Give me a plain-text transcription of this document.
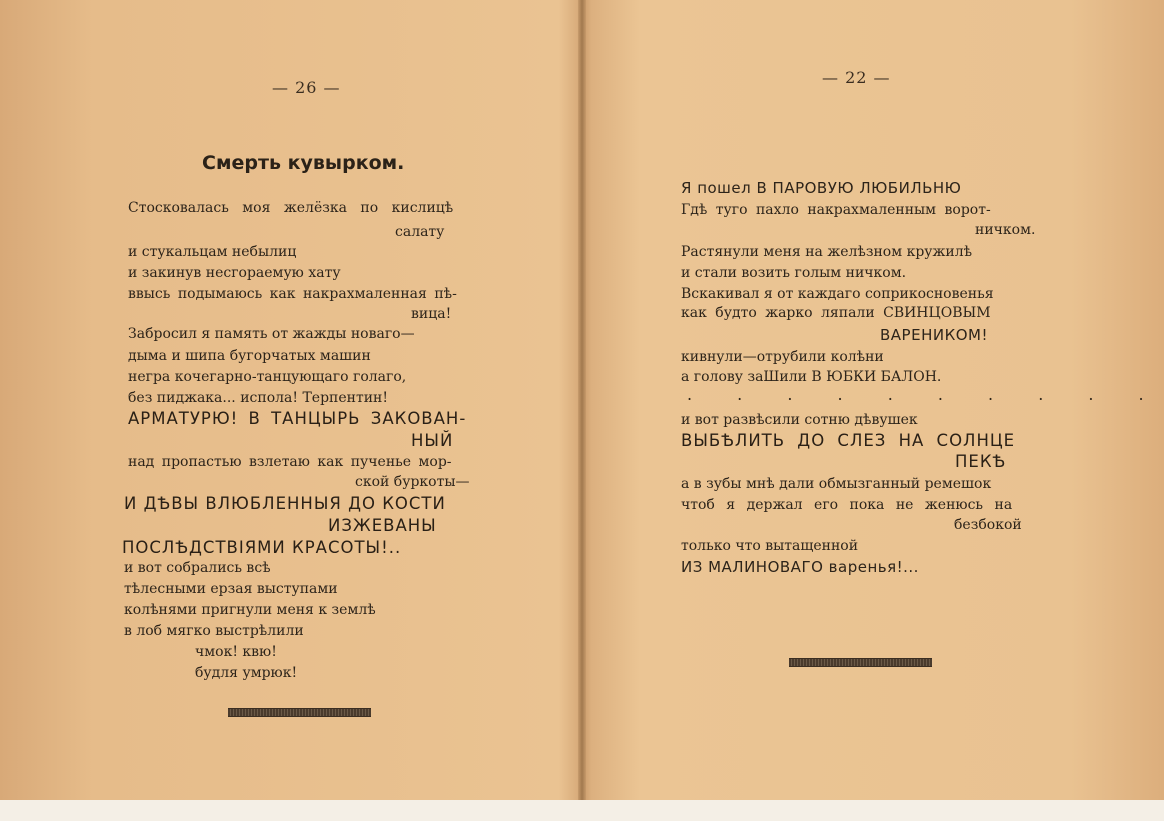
— 26 —
Смерть кувырком.
Стосковалась моя желёзка по кислицѣ
салату
и стукальцам небылиц
и закинув несгораемую хату
ввысь подымаюсь как накрахмаленная пѣ-
вица!
Забросил я память от жажды новаго—
дыма и шипа бугорчатых машин
негра кочегарно-танцующаго голаго,
без пиджака... испола! Терпентин!
АРМАТУРЮ! В ТАНЦЫРЬ ЗАКОВАН-
НЫЙ
над пропастью взлетаю как пученье мор-
ской буркоты—
И ДѢВЫ ВЛЮБЛЕННЫЯ ДО КОСТИ
ИЗЖЕВАНЫ
ПОСЛѢДСТВІЯМИ КРАСОТЫ!..
и вот собрались всѣ
тѣлесными ерзая выступами
колѣнями пригнули меня к землѣ
в лоб мягко выстрѣлили
чмок! квю!
будля умрюк!
— 22 —
Я пошел В ПАРОВУЮ ЛЮБИЛЬНЮ
Гдѣ туго пахло накрахмаленным ворот-
ничком.
Растянули меня на желѣзном кружилѣ
и стали возить голым ничком.
Вскакивал я от каждаго соприкосновенья
как будто жарко ляпали СВИНЦОВЫМ
ВАРЕНИКОМ!
кивнули—отрубили колѣни
а голову заШили В ЮБКИ БАЛОН.
. . . . . . . . . .
и вот развѣсили сотню дѣвушек
ВЫБѢЛИТЬ ДО СЛЕЗ НА СОЛНЦЕ
ПЕКѢ
а в зубы мнѣ дали обмызганный ремешок
чтоб я держал его пока не женюсь на
безбокой
только что вытащенной
ИЗ МАЛИНОВАГО варенья!...
